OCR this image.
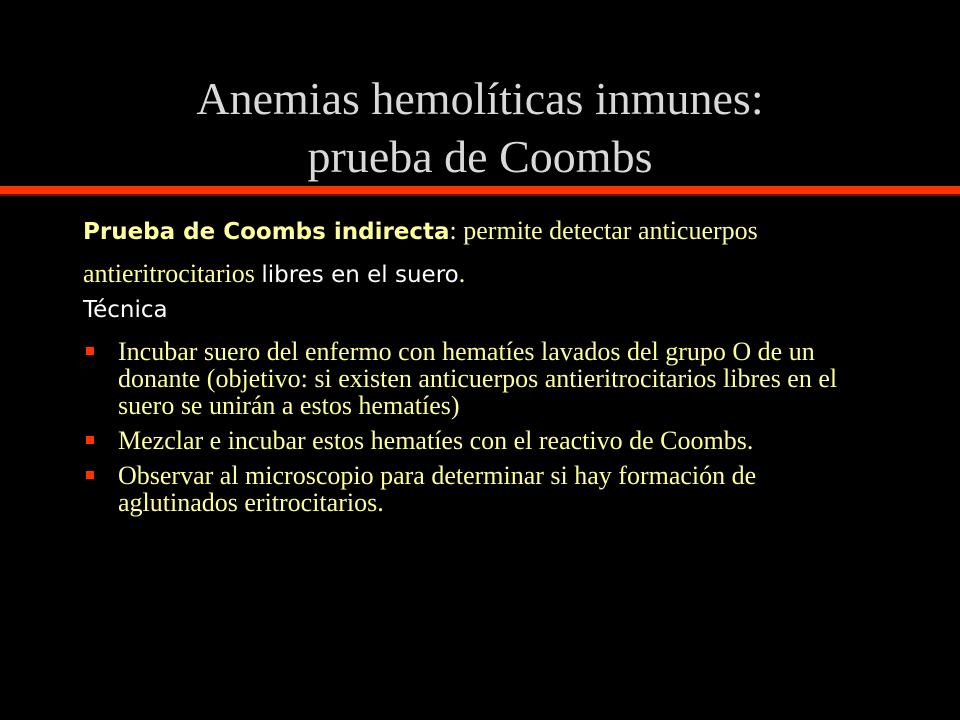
Anemias hemolíticas inmunes:
prueba de Coombs
Prueba de Coombs indirecta: permite detectar anticuerpos antieritrocitarios libres en el suero.
Técnica
Incubar suero del enfermo con hematíes lavados del grupo O de un donante (objetivo: si existen anticuerpos antieritrocitarios libres en el suero se unirán a estos hematíes)
Mezclar e incubar estos hematíes con el reactivo de Coombs.
Observar al microscopio para determinar si hay formación de aglutinados eritrocitarios.
